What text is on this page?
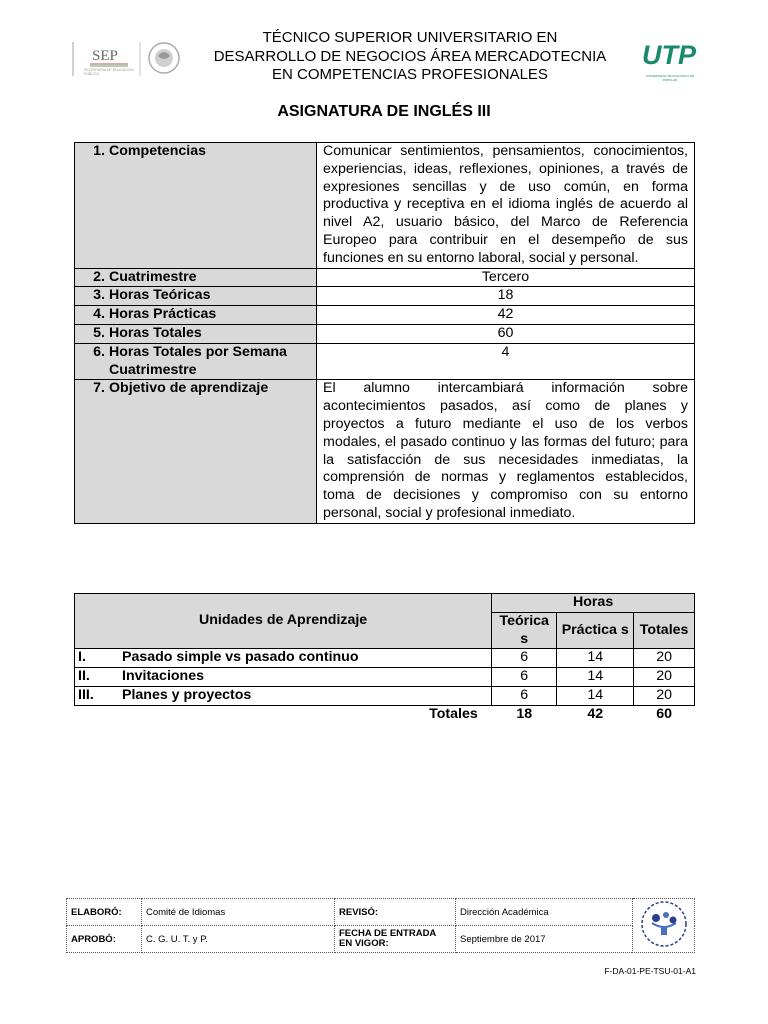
SEP
SECRETARÍA DE EDUCACIÓN PÚBLICA
TÉCNICO SUPERIOR UNIVERSITARIO EN
DESARROLLO DE NEGOCIOS ÁREA MERCADOTECNIA
EN COMPETENCIAS PROFESIONALES
UTP
UNIVERSIDAD TECNOLÓGICA DE POPULAR
ASIGNATURA DE INGLÉS III
1. Competencias	Comunicar sentimientos, pensamientos, conocimientos, experiencias, ideas, reflexiones, opiniones, a través de expresiones sencillas y de uso común, en forma productiva y receptiva en el idioma inglés de acuerdo al nivel A2, usuario básico, del Marco de Referencia Europeo para contribuir en el desempeño de sus funciones en su entorno laboral, social y personal.
2. Cuatrimestre	Tercero
3. Horas Teóricas	18
4. Horas Prácticas	42
5. Horas Totales	60
6. Horas Totales por Semana Cuatrimestre	4
7. Objetivo de aprendizaje	El alumno intercambiará información sobre acontecimientos pasados, así como de planes y proyectos a futuro mediante el uso de los verbos modales, el pasado continuo y las formas del futuro; para la satisfacción de sus necesidades inmediatas, la comprensión de normas y reglamentos establecidos, toma de decisiones y compromiso con su entorno personal, social y profesional inmediato.
Unidades de Aprendizaje	Horas		
	Teórica s	Práctica s	Totales
I. Pasado simple vs pasado continuo	6	14	20
II. Invitaciones	6	14	20
III. Planes y proyectos	6	14	20
Totales	18	42	60
ELABORÓ:	Comité de Idiomas	REVISÓ:	Dirección Académica	
APROBÓ:	C. G. U. T. y P.	FECHA DE ENTRADA EN VIGOR:	Septiembre de 2017	
F-DA-01-PE-TSU-01-A1
